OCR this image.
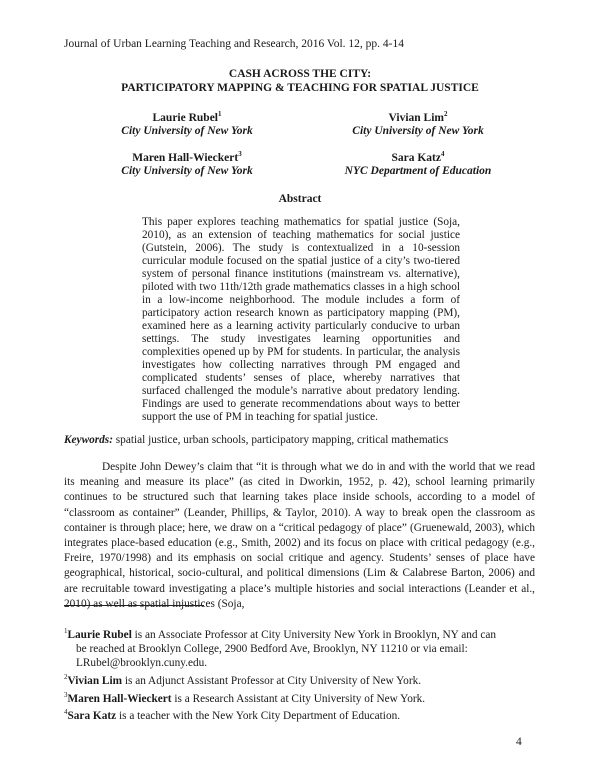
Journal of Urban Learning Teaching and Research, 2016 Vol. 12, pp. 4-14
CASH ACROSS THE CITY:
PARTICIPATORY MAPPING & TEACHING FOR SPATIAL JUSTICE
Laurie Rubel$^1$
City University of New York
Vivian Lim$^2$
City University of New York
Maren Hall-Wieckert$^3$
City University of New York
Sara Katz$^4$
NYC Department of Education
Abstract
This paper explores teaching mathematics for spatial justice (Soja, 2010), as an extension of teaching mathematics for social justice (Gutstein, 2006). The study is contextualized in a 10-session curricular module focused on the spatial justice of a city’s two-tiered system of personal finance institutions (mainstream vs. alternative), piloted with two 11th/12th grade mathematics classes in a high school in a low-income neighborhood. The module includes a form of participatory action research known as participatory mapping (PM), examined here as a learning activity particularly conducive to urban settings. The study investigates learning opportunities and complexities opened up by PM for students. In particular, the analysis investigates how collecting narratives through PM engaged and complicated students’ senses of place, whereby narratives that surfaced challenged the module’s narrative about predatory lending. Findings are used to generate recommendations about ways to better support the use of PM in teaching for spatial justice.
Keywords: spatial justice, urban schools, participatory mapping, critical mathematics
Despite John Dewey’s claim that “it is through what we do in and with the world that we read its meaning and measure its place” (as cited in Dworkin, 1952, p. 42), school learning primarily continues to be structured such that learning takes place inside schools, according to a model of “classroom as container” (Leander, Phillips, & Taylor, 2010). A way to break open the classroom as container is through place; here, we draw on a “critical pedagogy of place” (Gruenewald, 2003), which integrates place-based education (e.g., Smith, 2002) and its focus on place with critical pedagogy (e.g., Freire, 1970/1998) and its emphasis on social critique and agency. Students’ senses of place have geographical, historical, socio-cultural, and political dimensions (Lim & Calabrese Barton, 2006) and are recruitable toward investigating a place’s multiple histories and social interactions (Leander et al., 2010) as well as spatial injustices (Soja,
$^1$Laurie Rubel is an Associate Professor at City University New York in Brooklyn, NY and can
be reached at Brooklyn College, 2900 Bedford Ave, Brooklyn, NY 11210 or via email:
LRubel@brooklyn.cuny.edu.
$^2$Vivian Lim is an Adjunct Assistant Professor at City University of New York.
$^3$Maren Hall-Wieckert is a Research Assistant at City University of New York.
$^4$Sara Katz is a teacher with the New York City Department of Education.
4
